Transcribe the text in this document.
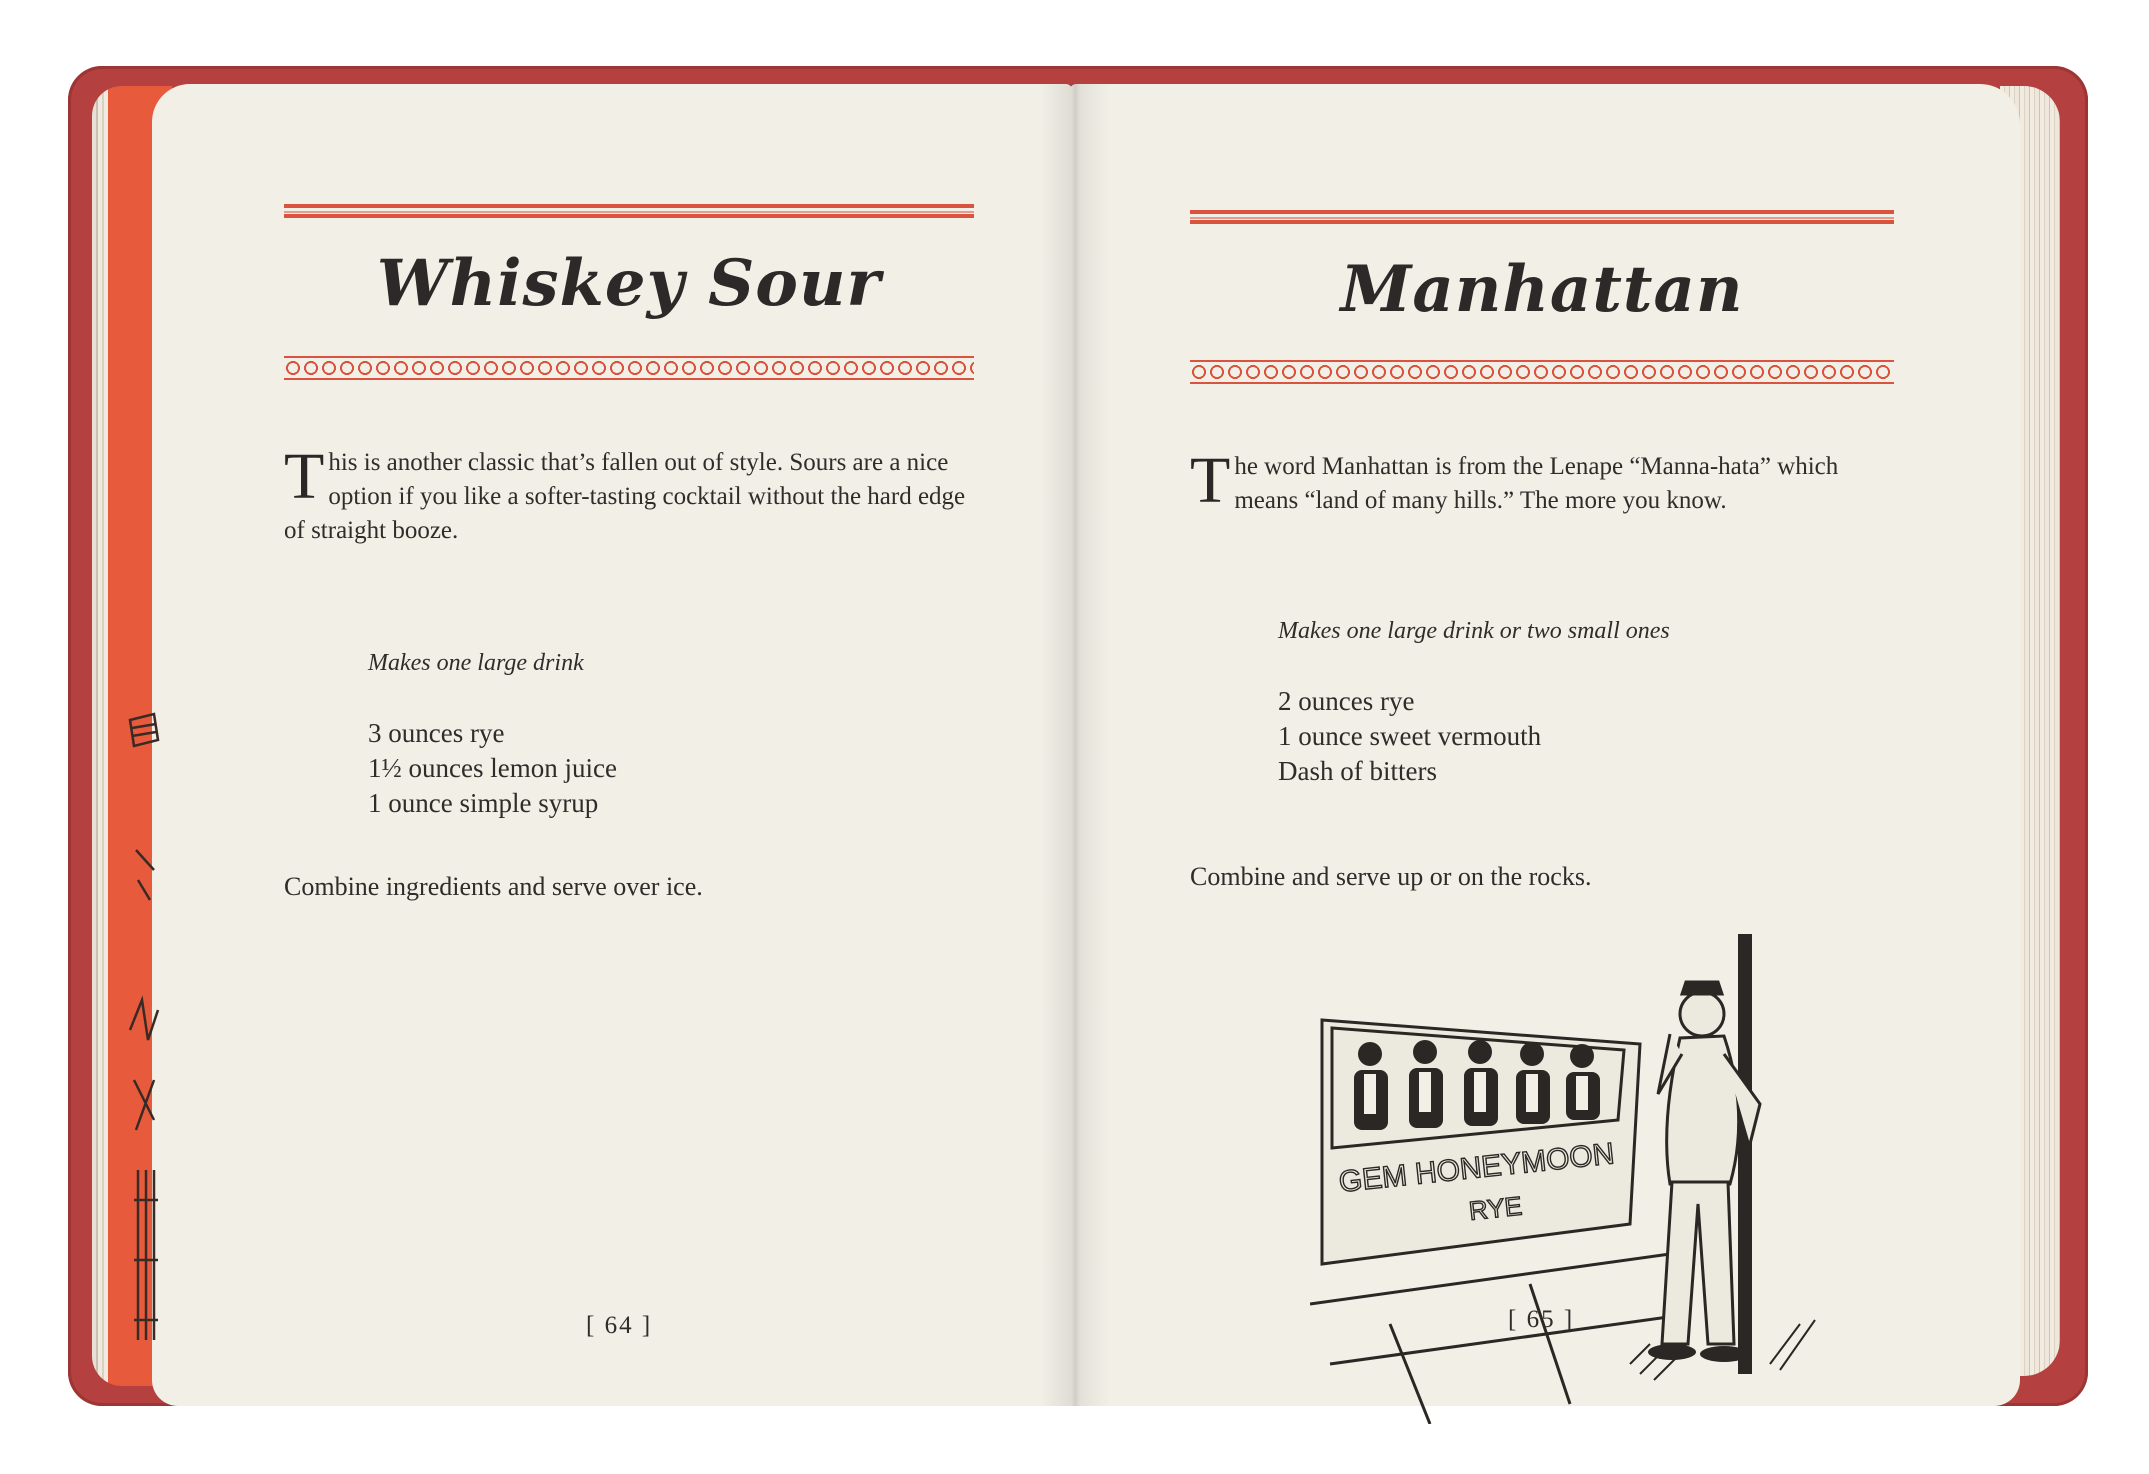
Whiskey Sour
This is another classic that’s fallen out of style. Sours are a nice option if you like a softer-tasting cocktail without the hard edge of straight booze.
Makes one large drink
3 ounces rye
1½ ounces lemon juice
1 ounce simple syrup
Combine ingredients and serve over ice.
[ 64 ]
Manhattan
The word Manhattan is from the Lenape “Manna-hata” which means “land of many hills.” The more you know.
Makes one large drink or two small ones
2 ounces rye
1 ounce sweet vermouth
Dash of bitters
Combine and serve up or on the rocks.
GEM HONEYMOON
RYE
[ 65 ]
